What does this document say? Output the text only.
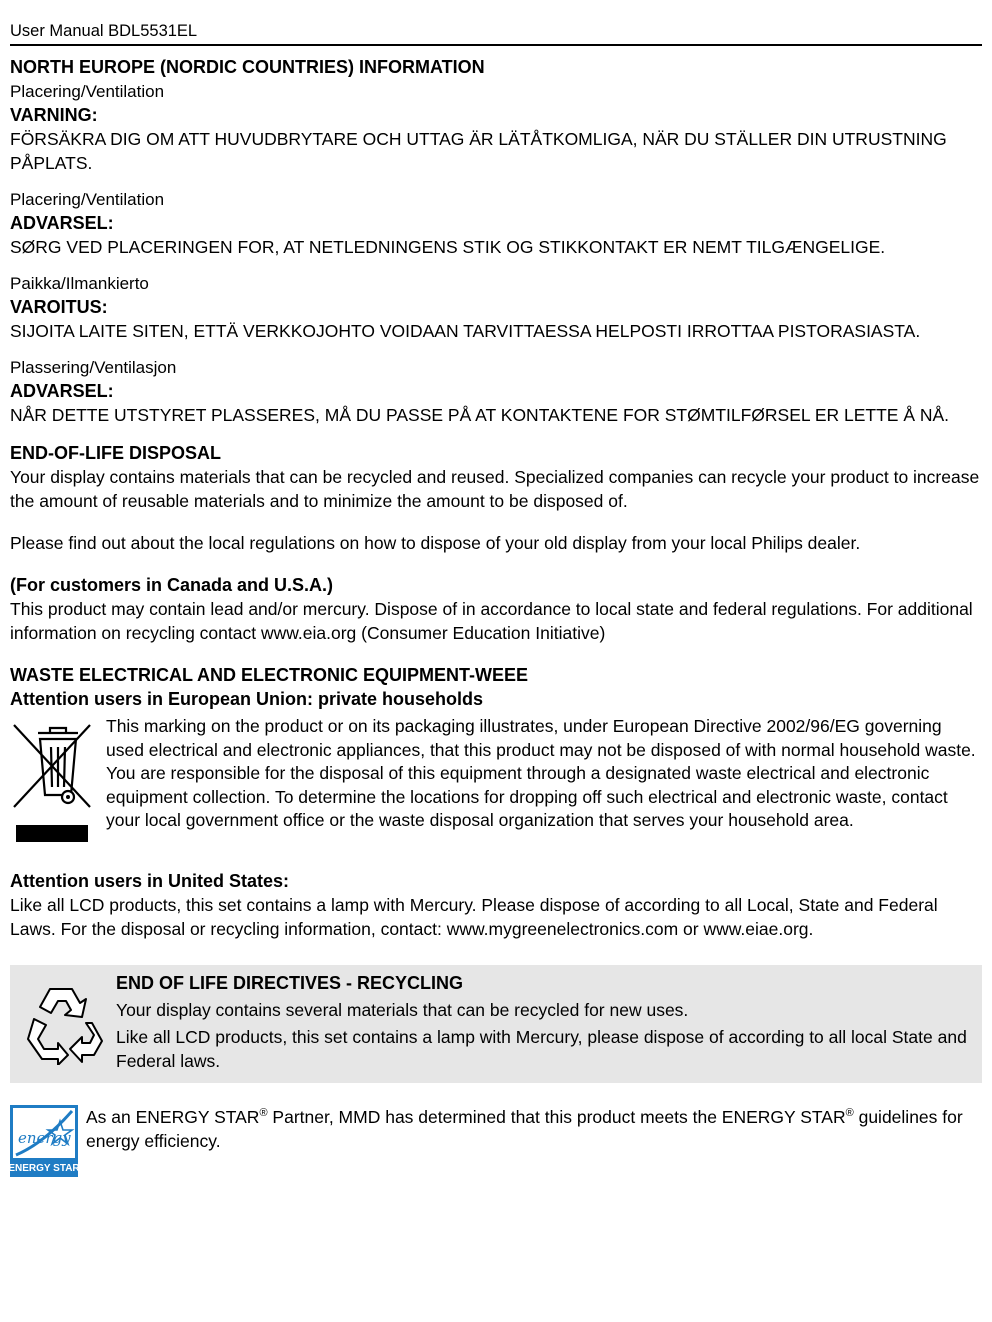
User Manual BDL5531EL
NORTH EUROPE (NORDIC COUNTRIES) INFORMATION
Placering/Ventilation
VARNING:
FÖRSÄKRA DIG OM ATT HUVUDBRYTARE OCH UTTAG ÄR LÄTÅTKOMLIGA, NÄR DU STÄLLER DIN UTRUSTNING PÅPLATS.
Placering/Ventilation
ADVARSEL:
SØRG VED PLACERINGEN FOR, AT NETLEDNINGENS STIK OG STIKKONTAKT ER NEMT TILGÆNGELIGE.
Paikka/Ilmankierto
VAROITUS:
SIJOITA LAITE SITEN, ETTÄ VERKKOJOHTO VOIDAAN TARVITTAESSA HELPOSTI IRROTTAA PISTORASIASTA.
Plassering/Ventilasjon
ADVARSEL:
NÅR DETTE UTSTYRET PLASSERES, MÅ DU PASSE PÅ AT KONTAKTENE FOR STØMTILFØRSEL ER LETTE Å NÅ.
END-OF-LIFE DISPOSAL
Your display contains materials that can be recycled and reused. Specialized companies can recycle your product to increase the amount of reusable materials and to minimize the amount to be disposed of.
Please find out about the local regulations on how to dispose of your old display from your local Philips dealer.
(For customers in Canada and U.S.A.)
This product may contain lead and/or mercury. Dispose of in accordance to local state and federal regulations. For additional information on recycling contact www.eia.org (Consumer Education Initiative)
WASTE ELECTRICAL AND ELECTRONIC EQUIPMENT-WEEE
Attention users in European Union: private households
This marking on the product or on its packaging illustrates, under European Directive 2002/96/EG governing used electrical and electronic appliances, that this product may not be disposed of with normal household waste. You are responsible for the disposal of this equipment through a designated waste electrical and electronic equipment collection. To determine the locations for dropping off such electrical and electronic waste, contact your local government office or the waste disposal organization that serves your household area.
Attention users in United States:
Like all LCD products, this set contains a lamp with Mercury. Please dispose of according to all Local, State and Federal Laws. For the disposal or recycling information, contact: www.mygreenelectronics.com or www.eiae.org.
END OF LIFE DIRECTIVES - RECYCLING
Your display contains several materials that can be recycled for new uses.
Like all LCD products, this set contains a lamp with Mercury, please dispose of according to all local State and Federal laws.
energy
ENERGY STAR
As an ENERGY STAR® Partner, MMD has determined that this product meets the ENERGY STAR® guidelines for energy efficiency.
